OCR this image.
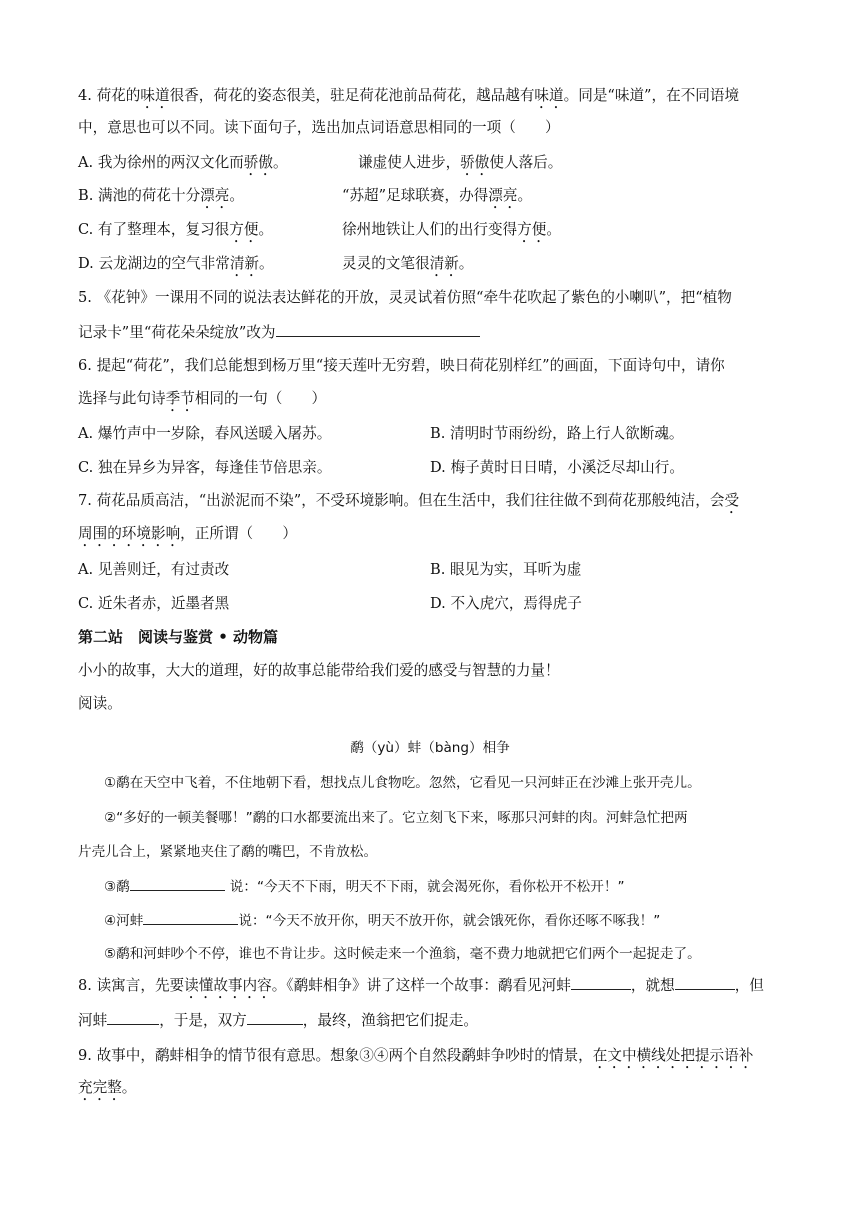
4. 荷花的味道很香，荷花的姿态很美，驻足荷花池前品荷花，越品越有味道。同是“味道”，在不同语境
中，意思也可以不同。读下面句子，选出加点词语意思相同的一项（　　）
A. 我为徐州的两汉文化而骄傲。	谦虚使人进步，骄傲使人落后。
B. 满池的荷花十分漂亮。	“苏超”足球联赛，办得漂亮。
C. 有了整理本，复习很方便。	徐州地铁让人们的出行变得方便。
D. 云龙湖边的空气非常清新。	灵灵的文笔很清新。
5. 《花钟》一课用不同的说法表达鲜花的开放，灵灵试着仿照“牵牛花吹起了紫色的小喇叭”，把“植物
记录卡”里“荷花朵朵绽放”改为
6. 提起“荷花”，我们总能想到杨万里“接天莲叶无穷碧，映日荷花别样红”的画面，下面诗句中，请你
选择与此句诗季节相同的一句（　　）
A. 爆竹声中一岁除，春风送暖入屠苏。	B. 清明时节雨纷纷，路上行人欲断魂。
C. 独在异乡为异客，每逢佳节倍思亲。	D. 梅子黄时日日晴，小溪泛尽却山行。
7. 荷花品质高洁，“出淤泥而不染”，不受环境影响。但在生活中，我们往往做不到荷花那般纯洁，会受
周围的环境影响，正所谓（　　）
A. 见善则迁，有过责改	B. 眼见为实，耳听为虚
C. 近朱者赤，近墨者黑	D. 不入虎穴，焉得虎子
第二站　阅读与鉴赏 • 动物篇
小小的故事，大大的道理，好的故事总能带给我们爱的感受与智慧的力量！
阅读。
鹬（yù）蚌（bàng）相争
①鹬在天空中飞着，不住地朝下看，想找点儿食物吃。忽然，它看见一只河蚌正在沙滩上张开壳儿。
②“多好的一顿美餐哪！”鹬的口水都要流出来了。它立刻飞下来，啄那只河蚌的肉。河蚌急忙把两
片壳儿合上，紧紧地夹住了鹬的嘴巴，不肯放松。
③鹬	说：“今天不下雨，明天不下雨，就会渴死你，看你松开不松开！”
④河蚌	说：“今天不放开你，明天不放开你，就会饿死你，看你还啄不啄我！”
⑤鹬和河蚌吵个不停，谁也不肯让步。这时候走来一个渔翁，毫不费力地就把它们两个一起捉走了。
8. 读寓言，先要读懂故事内容。《鹬蚌相争》讲了这样一个故事：鹬看见河蚌	，就想	，但
河蚌	，于是，双方	，最终，渔翁把它们捉走。
9. 故事中，鹬蚌相争的情节很有意思。想象③④两个自然段鹬蚌争吵时的情景，在文中横线处把提示语补
充完整。
